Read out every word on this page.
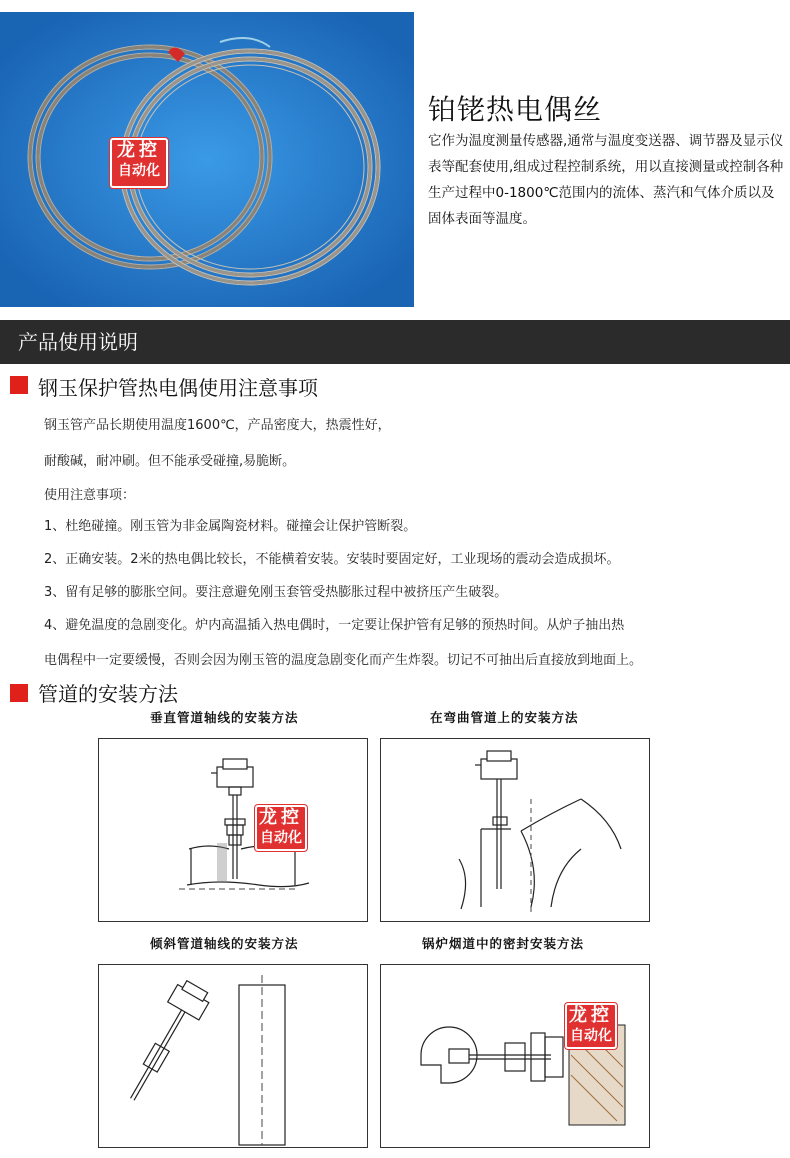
龙控
自动化
铂铑热电偶丝
它作为温度测量传感器,通常与温度变送器、调节器及显示仪表等配套使用,组成过程控制系统，用以直接测量或控制各种生产过程中0-1800℃范围内的流体、蒸汽和气体介质以及固体表面等温度。
产品使用说明
钢玉保护管热电偶使用注意事项
钢玉管产品长期使用温度1600℃，产品密度大，热震性好，
耐酸碱，耐冲刷。但不能承受碰撞,易脆断。
使用注意事项：
1、杜绝碰撞。刚玉管为非金属陶瓷材料。碰撞会让保护管断裂。
2、正确安装。2米的热电偶比较长，不能横着安装。安装时要固定好，工业现场的震动会造成损坏。
3、留有足够的膨胀空间。要注意避免刚玉套管受热膨胀过程中被挤压产生破裂。
4、避免温度的急剧变化。炉内高温插入热电偶时，一定要让保护管有足够的预热时间。从炉子抽出热
电偶程中一定要缓慢，否则会因为刚玉管的温度急剧变化而产生炸裂。切记不可抽出后直接放到地面上。
管道的安装方法
垂直管道轴线的安装方法	在弯曲管道上的安装方法
倾斜管道轴线的安装方法	锅炉烟道中的密封安装方法
龙控
自动化
龙控
自动化
